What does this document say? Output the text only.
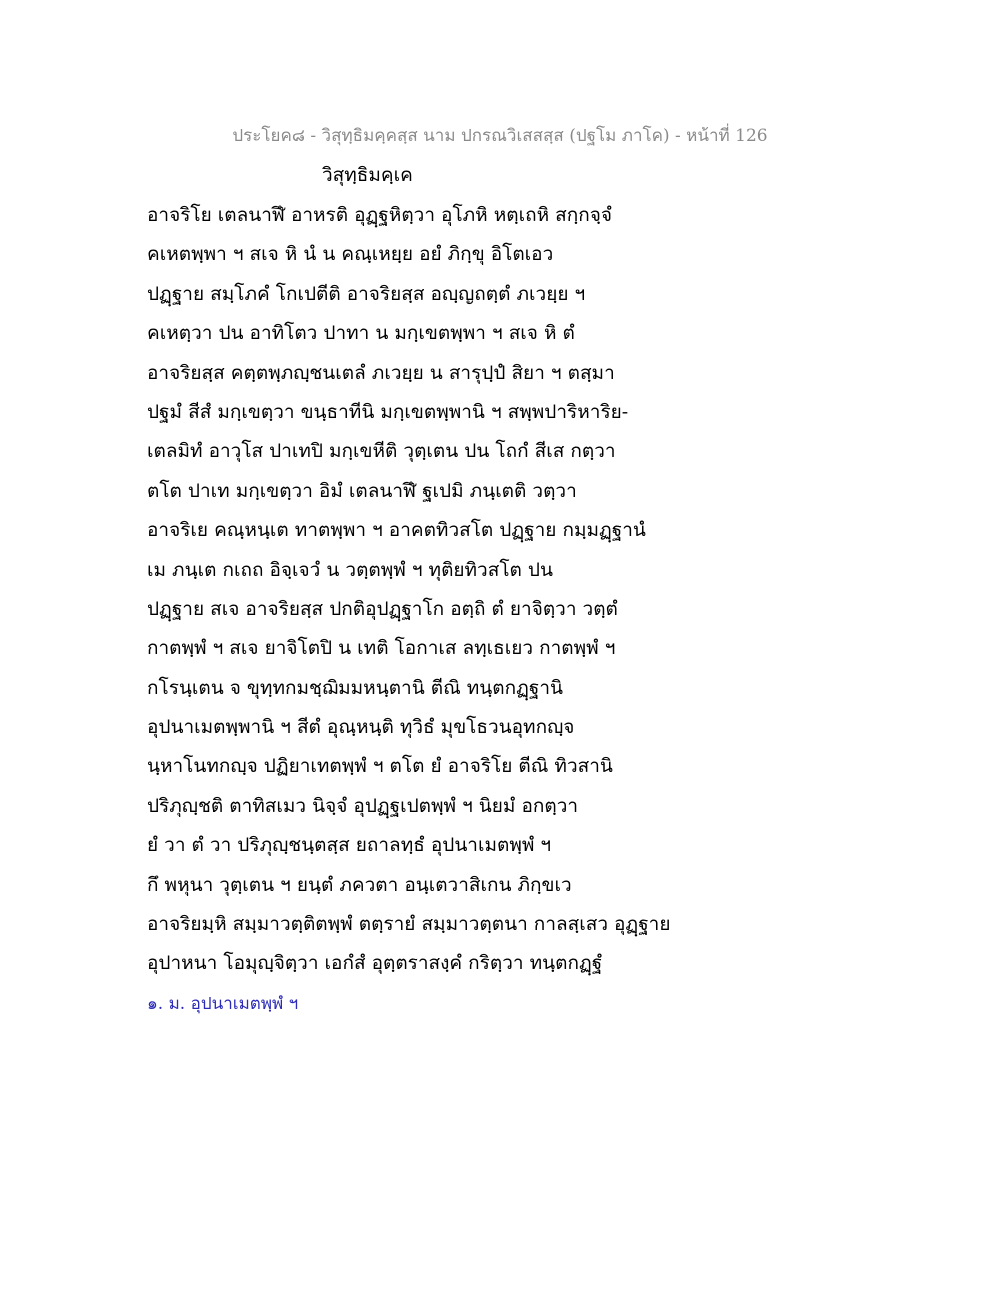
ประโยค๘ - วิสุทฺธิมคฺคสฺส นาม ปกรณวิเสสสฺส (ปฐโม ภาโค) - หน้าที่ 126
วิสุทฺธิมคฺเค
อาจริโย เตลนาฬึ อาหรติ อุฏฺฐหิตฺวา อุโภหิ หตฺเถหิ สกฺกจฺจํ
คเหตพฺพา ฯ สเจ หิ นํ น คณฺเหยฺย อยํ ภิกฺขุ อิโตเอว
ปฏฺฐาย สมฺโภคํ โกเปตีติ อาจริยสฺส อญฺญถตฺตํ ภเวยฺย ฯ
คเหตฺวา ปน อาทิโตว ปาทา น มกฺเขตพฺพา ฯ สเจ หิ ตํ
อาจริยสฺส คตฺตพฺภญฺชนเตลํ ภเวยฺย น สารุปฺปํ สิยา ฯ ตสฺมา
ปฐมํ สีสํ มกฺเขตฺวา ขนฺธาทีนิ มกฺเขตพฺพานิ ฯ สพฺพปาริหาริย-
เตลมิทํ อาวุโส ปาเทปิ มกฺเขหีติ วุตฺเตน ปน โถกํ สีเส กตฺวา
ตโต ปาเท มกฺเขตฺวา อิมํ เตลนาฬึ ฐเปมิ ภนฺเตติ วตฺวา
อาจริเย คณฺหนฺเต ทาตพฺพา ฯ อาคตทิวสโต ปฏฺฐาย กมฺมฏฺฐานํ
เม ภนฺเต กเถถ อิจฺเจวํ น วตฺตพฺพํ ฯ ทุติยทิวสโต ปน
ปฏฺฐาย สเจ อาจริยสฺส ปกติอุปฏฺฐาโก อตฺถิ ตํ ยาจิตฺวา วตฺตํ
กาตพฺพํ ฯ สเจ ยาจิโตปิ น เทติ โอกาเส ลทฺเธเยว กาตพฺพํ ฯ
กโรนฺเตน จ ขุทฺทกมชฺฌิมมหนฺตานิ ตีณิ ทนฺตกฏฺฐานิ
อุปนาเมตพฺพานิ ฯ สีตํ อุณฺหนฺติ ทุวิธํ มุขโธวนอุทกญฺจ
นฺหาโนทกญฺจ ปฏิยาเทตพฺพํ ฯ ตโต ยํ อาจริโย ตีณิ ทิวสานิ
ปริภุญฺชติ ตาทิสเมว นิจฺจํ อุปฏฺฐเปตพฺพํ ฯ นิยมํ อกตฺวา
ยํ วา ตํ วา ปริภุญฺชนฺตสฺส ยถาลทฺธํ อุปนาเมตพฺพํ ฯ
กึ พหุนา วุตฺเตน ฯ ยนฺตํ ภควตา อนฺเตวาสิเกน ภิกฺขเว
อาจริยมฺหิ สมฺมาวตฺติตพฺพํ ตตฺรายํ สมฺมาวตฺตนา กาลสฺเสว อุฏฺฐาย
อุปาหนา โอมุญฺจิตฺวา เอกํสํ อุตฺตราสงฺคํ กริตฺวา ทนฺตกฏฺฐํ
๑. ม. อุปนาเมตพฺพํ ฯ
